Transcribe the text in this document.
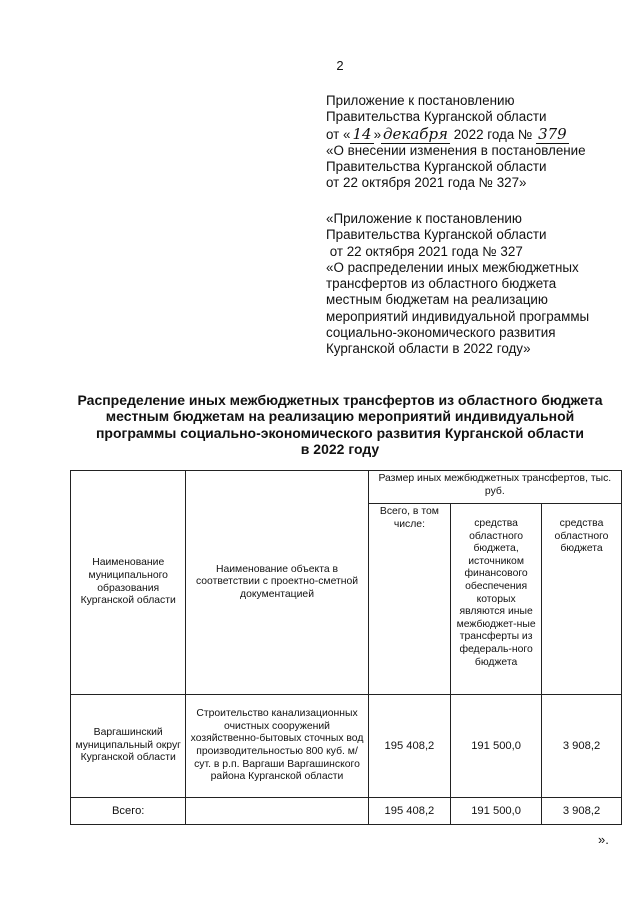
2
Приложение к постановлению
Правительства Курганской области
от « 14 » декабря 2022 года № 379
«О внесении изменения в постановление
Правительства Курганской области
от 22 октября 2021 года № 327»
«Приложение к постановлению
Правительства Курганской области
от 22 октября 2021 года № 327
«О распределении иных межбюджетных
трансфертов из областного бюджета
местным бюджетам на реализацию
мероприятий индивидуальной программы
социально-экономического развития
Курганской области в 2022 году»
Распределение иных межбюджетных трансфертов из областного бюджета
местным бюджетам на реализацию мероприятий индивидуальной
программы социально-экономического развития Курганской области
в 2022 году
Наименование муниципального образования Курганской области	Наименование объекта в соответствии с проектно-сметной документацией	Размер иных межбюджетных трансфертов, тыс. руб.		
		Всего, в том числе:	средства областного бюджета, источником финансового обеспечения которых являются иные межбюджет-ные трансферты из федераль-ного бюджета	средства областного бюджета

Варгашинский муниципальный округ Курганской области	Строительство канализационных очистных сооружений хозяйственно-бытовых сточных вод производительностью 800 куб. м/сут. в р.п. Варгаши Варгашинского района Курганской области	195 408,2	191 500,0	3 908,2
Всего:		195 408,2	191 500,0	3 908,2
».
